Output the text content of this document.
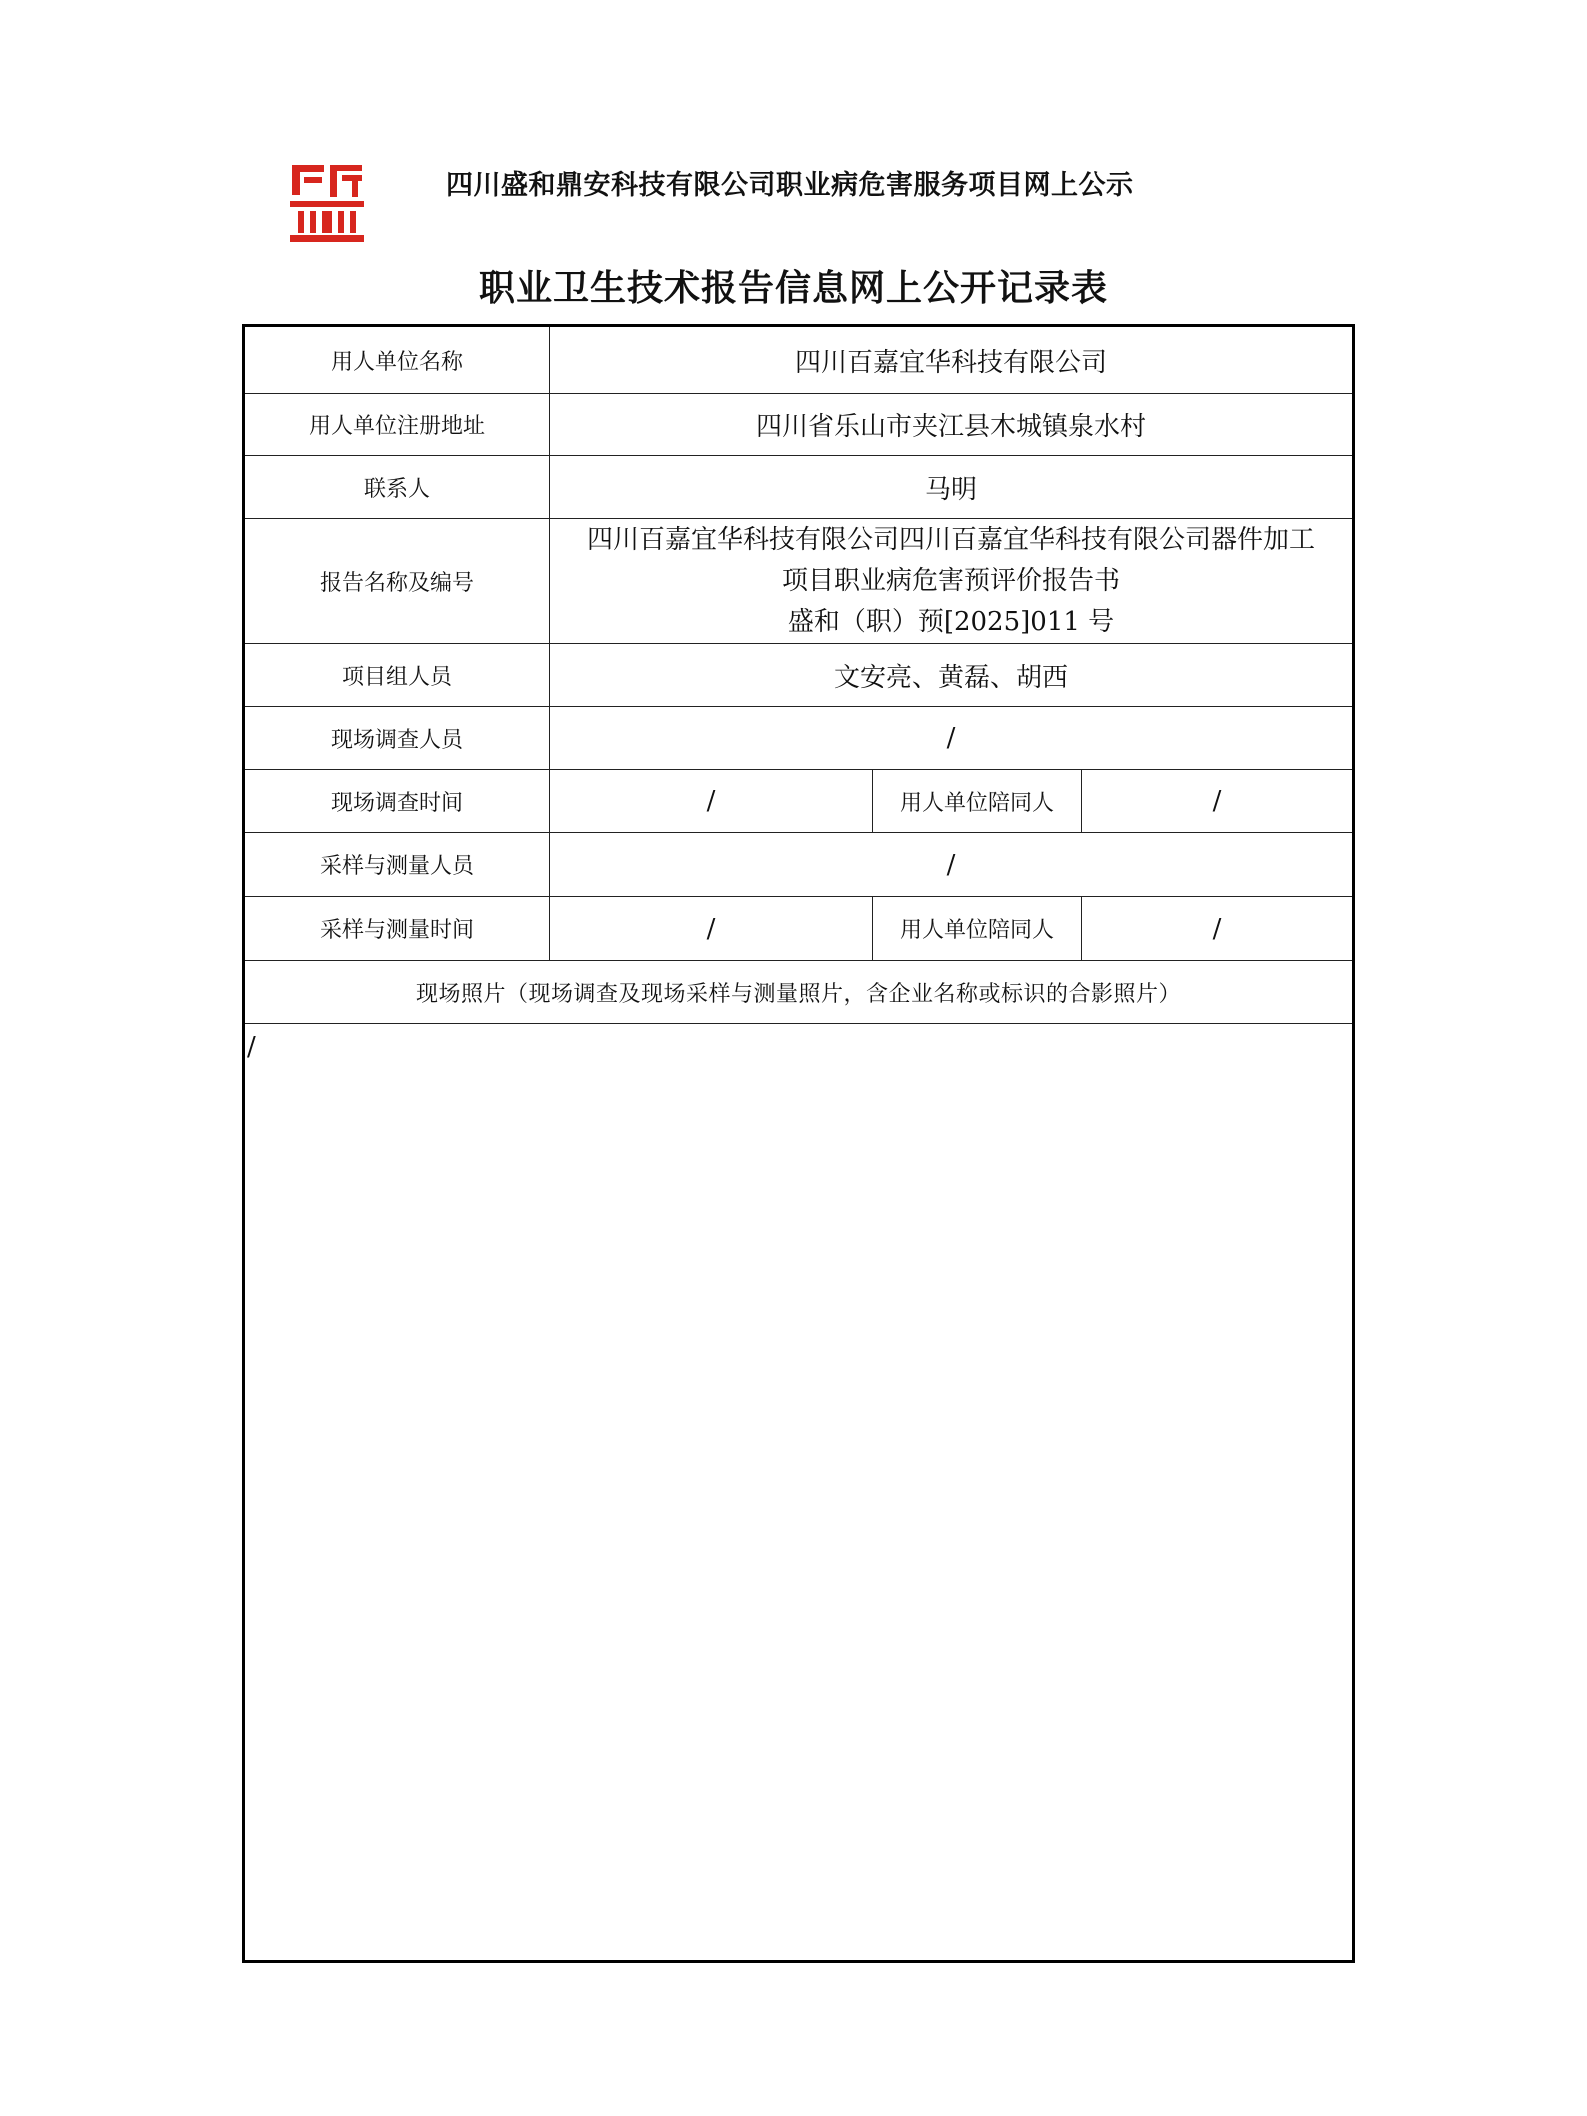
四川盛和鼎安科技有限公司职业病危害服务项目网上公示
职业卫生技术报告信息网上公开记录表
用人单位名称	四川百嘉宜华科技有限公司		
用人单位注册地址	四川省乐山市夹江县木城镇泉水村		
联系人	马明		
报告名称及编号	四川百嘉宜华科技有限公司四川百嘉宜华科技有限公司器件加工
项目职业病危害预评价报告书
盛和（职）预[2025]011 号		

项目组人员	文安亮、黄磊、胡西		
现场调查人员	/		
现场调查时间	/	用人单位陪同人	/
采样与测量人员	/		
采样与测量时间	/	用人单位陪同人	/
现场照片（现场调查及现场采样与测量照片，含企业名称或标识的合影照片）			

/			
